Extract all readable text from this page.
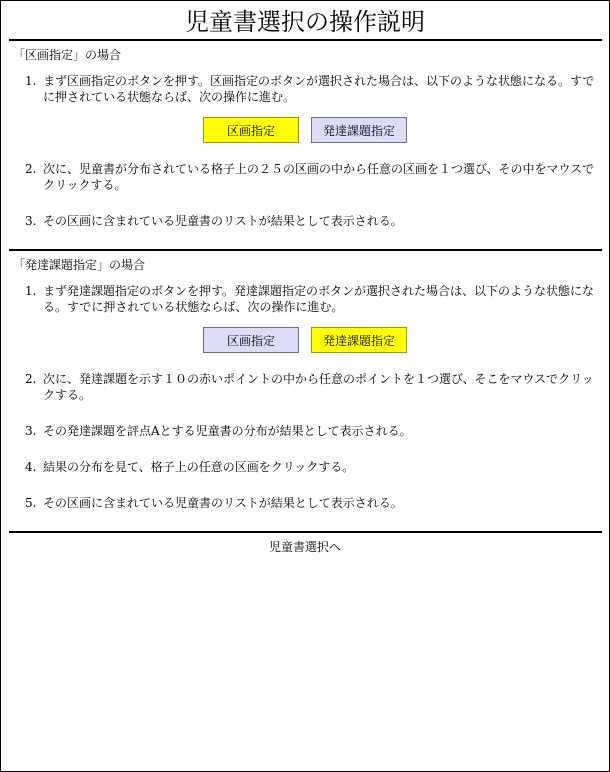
児童書選択の操作説明
「区画指定」の場合
1. まず区画指定のボタンを押す。区画指定のボタンが選択された場合は、以下のような状態になる。すでに押されている状態ならば、次の操作に進む。
区画指定	発達課題指定
2. 次に、児童書が分布されている格子上の２５の区画の中から任意の区画を１つ選び、その中をマウスでクリックする。
3. その区画に含まれている児童書のリストが結果として表示される。
「発達課題指定」の場合
1. まず発達課題指定のボタンを押す。発達課題指定のボタンが選択された場合は、以下のような状態になる。すでに押されている状態ならば、次の操作に進む。
区画指定	発達課題指定
2. 次に、発達課題を示す１０の赤いポイントの中から任意のポイントを１つ選び、そこをマウスでクリックする。
3. その発達課題を評点Aとする児童書の分布が結果として表示される。
4. 結果の分布を見て、格子上の任意の区画をクリックする。
5. その区画に含まれている児童書のリストが結果として表示される。
児童書選択へ
